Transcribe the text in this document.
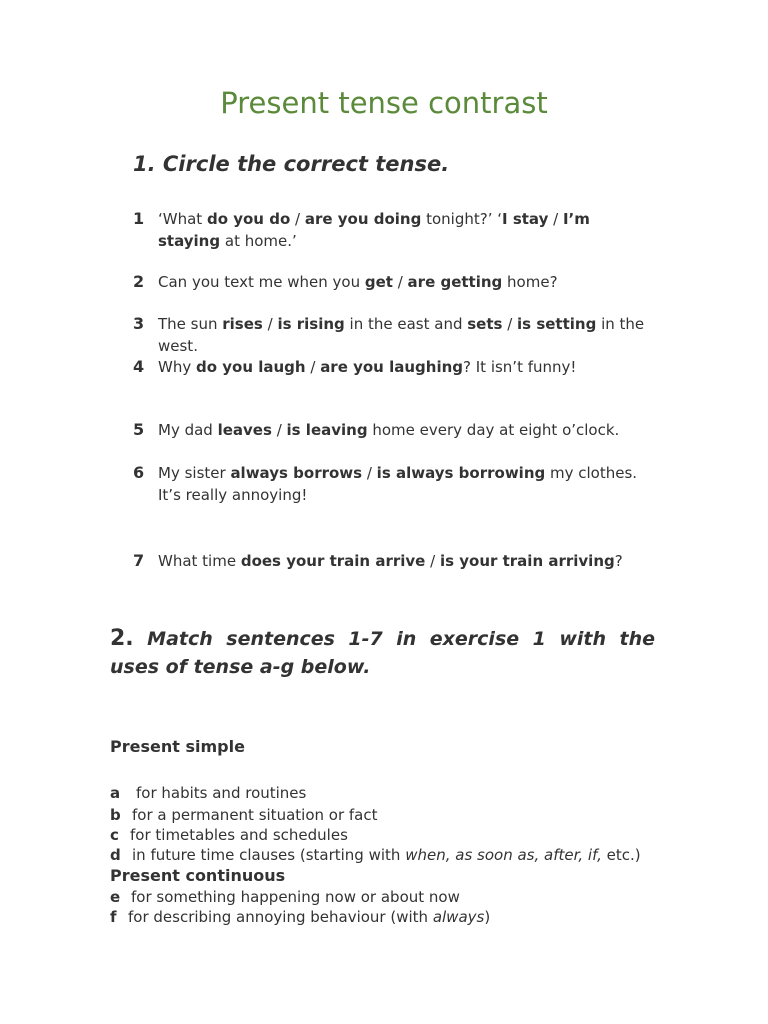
Present tense contrast
1. Circle the correct tense.
1 ‘What do you do / are you doing tonight?’ ‘I stay / I’m staying at home.’
2 Can you text me when you get / are getting home?
3 The sun rises / is rising in the east and sets / is setting in the west.
4 Why do you laugh / are you laughing? It isn’t funny!
5 My dad leaves / is leaving home every day at eight o’clock.
6 My sister always borrows / is always borrowing my clothes. It’s really annoying!
7 What time does your train arrive / is your train arriving?
2. Match sentences 1-7 in exercise 1 with the uses of tense a-g below.
Present simple
a for habits and routines
b for a permanent situation or fact
c for timetables and schedules
d in future time clauses (starting with when, as soon as, after, if, etc.)
Present continuous
e for something happening now or about now
f for describing annoying behaviour (with always)
